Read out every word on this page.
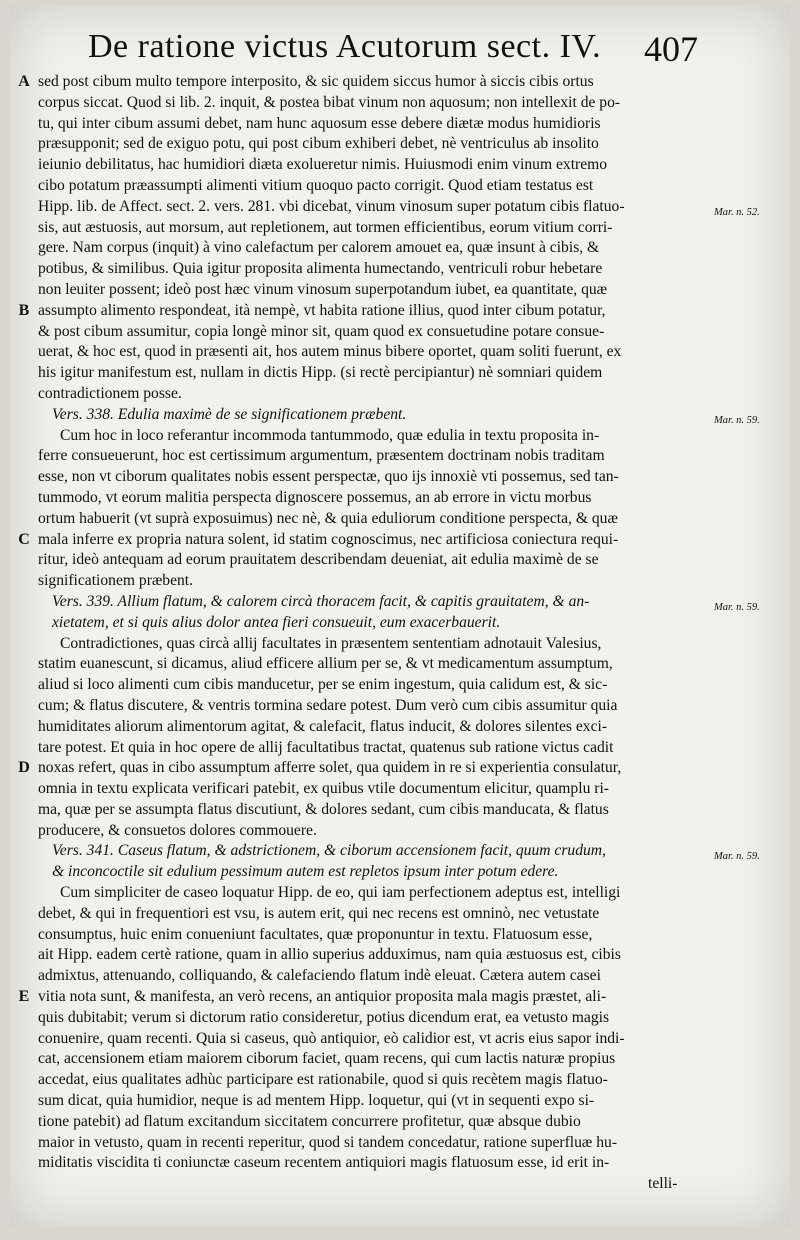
De ratione victus Acutorum sect. IV. 407
A sed post cibum multo tempore interposito, & sic quidem siccus humor à siccis cibis ortus
corpus siccat. Quod si lib. 2. inquit, & postea bibat vinum non aquosum; non intellexit de po-
tu, qui inter cibum assumi debet, nam hunc aquosum esse debere diætæ modus humidioris
præsupponit; sed de exiguo potu, qui post cibum exhiberi debet, nè ventriculus ab insolito
ieiunio debilitatus, hac humidiori diæta exolueretur nimis. Huiusmodi enim vinum extremo
cibo potatum præassumpti alimenti vitium quoquo pacto corrigit. Quod etiam testatus est
Hipp. lib. de Affect. sect. 2. vers. 281. vbi dicebat, vinum vinosum super potatum cibis flatuo-	Mar. n. 52.
sis, aut æstuosis, aut morsum, aut repletionem, aut tormen efficientibus, eorum vitium corri-
gere. Nam corpus (inquit) à vino calefactum per calorem amouet ea, quæ insunt à cibis, &
potibus, & similibus. Quia igitur proposita alimenta humectando, ventriculi robur hebetare
non leuiter possent; ideò post hæc vinum vinosum superpotandum iubet, ea quantitate, quæ
B assumpto alimento respondeat, ità nempè, vt habita ratione illius, quod inter cibum potatur,
& post cibum assumitur, copia longè minor sit, quam quod ex consuetudine potare consue-
uerat, & hoc est, quod in præsenti ait, hos autem minus bibere oportet, quam soliti fuerunt, ex
his igitur manifestum est, nullam in dictis Hipp. (si rectè percipiantur) nè somniari quidem
contradictionem posse.
Vers. 338. Edulia maximè de se significationem præbent.	Mar. n. 59.
Cum hoc in loco referantur incommoda tantummodo, quæ edulia in textu proposita in-
ferre consueuerunt, hoc est certissimum argumentum, præsentem doctrinam nobis traditam
esse, non vt ciborum qualitates nobis essent perspectæ, quo ijs innoxiè vti possemus, sed tan-
tummodo, vt eorum malitia perspecta dignoscere possemus, an ab errore in victu morbus
ortum habuerit (vt suprà exposuimus) nec nè, & quia eduliorum conditione perspecta, & quæ
C mala inferre ex propria natura solent, id statim cognoscimus, nec artificiosa coniectura requi-
ritur, ideò antequam ad eorum prauitatem describendam deueniat, ait edulia maximè de se
significationem præbent.
Vers. 339. Allium flatum, & calorem circà thoracem facit, & capitis grauitatem, & an-	Mar. n. 59.
xietatem, et si quis alius dolor antea fieri consueuit, eum exacerbauerit.
Contradictiones, quas circà allij facultates in præsentem sententiam adnotauit Valesius,
statim euanescunt, si dicamus, aliud efficere allium per se, & vt medicamentum assumptum,
aliud si loco alimenti cum cibis manducetur, per se enim ingestum, quia calidum est, & sic-
cum; & flatus discutere, & ventris tormina sedare potest. Dum verò cum cibis assumitur quia
humiditates aliorum alimentorum agitat, & calefacit, flatus inducit, & dolores silentes exci-
tare potest. Et quia in hoc opere de allij facultatibus tractat, quatenus sub ratione victus cadit
D noxas refert, quas in cibo assumptum afferre solet, qua quidem in re si experientia consulatur,
omnia in textu explicata verificari patebit, ex quibus vtile documentum elicitur, quamplu ri-
ma, quæ per se assumpta flatus discutiunt, & dolores sedant, cum cibis manducata, & flatus
producere, & consuetos dolores commouere.
Vers. 341. Caseus flatum, & adstrictionem, & ciborum accensionem facit, quum crudum,	Mar. n. 59.
& inconcoctile sit edulium pessimum autem est repletos ipsum inter potum edere.
Cum simpliciter de caseo loquatur Hipp. de eo, qui iam perfectionem adeptus est, intelligi
debet, & qui in frequentiori est vsu, is autem erit, qui nec recens est omninò, nec vetustate
consumptus, huic enim conueniunt facultates, quæ proponuntur in textu. Flatuosum esse,
ait Hipp. eadem certè ratione, quam in allio superius adduximus, nam quia æstuosus est, cibis
admixtus, attenuando, colliquando, & calefaciendo flatum indè eleuat. Cætera autem casei
E vitia nota sunt, & manifesta, an verò recens, an antiquior proposita mala magis præstet, ali-
quis dubitabit; verum si dictorum ratio consideretur, potius dicendum erat, ea vetusto magis
conuenire, quam recenti. Quia si caseus, quò antiquior, eò calidior est, vt acris eius sapor indi-
cat, accensionem etiam maiorem ciborum faciet, quam recens, qui cum lactis naturæ propius
accedat, eius qualitates adhùc participare est rationabile, quod si quis recètem magis flatuo-
sum dicat, quia humidior, neque is ad mentem Hipp. loquetur, qui (vt in sequenti expo si-
tione patebit) ad flatum excitandum siccitatem concurrere profitetur, quæ absque dubio
maior in vetusto, quam in recenti reperitur, quod si tandem concedatur, ratione superfluæ hu-
miditatis viscidita ti coniunctæ caseum recentem antiquiori magis flatuosum esse, id erit in-
telli-
